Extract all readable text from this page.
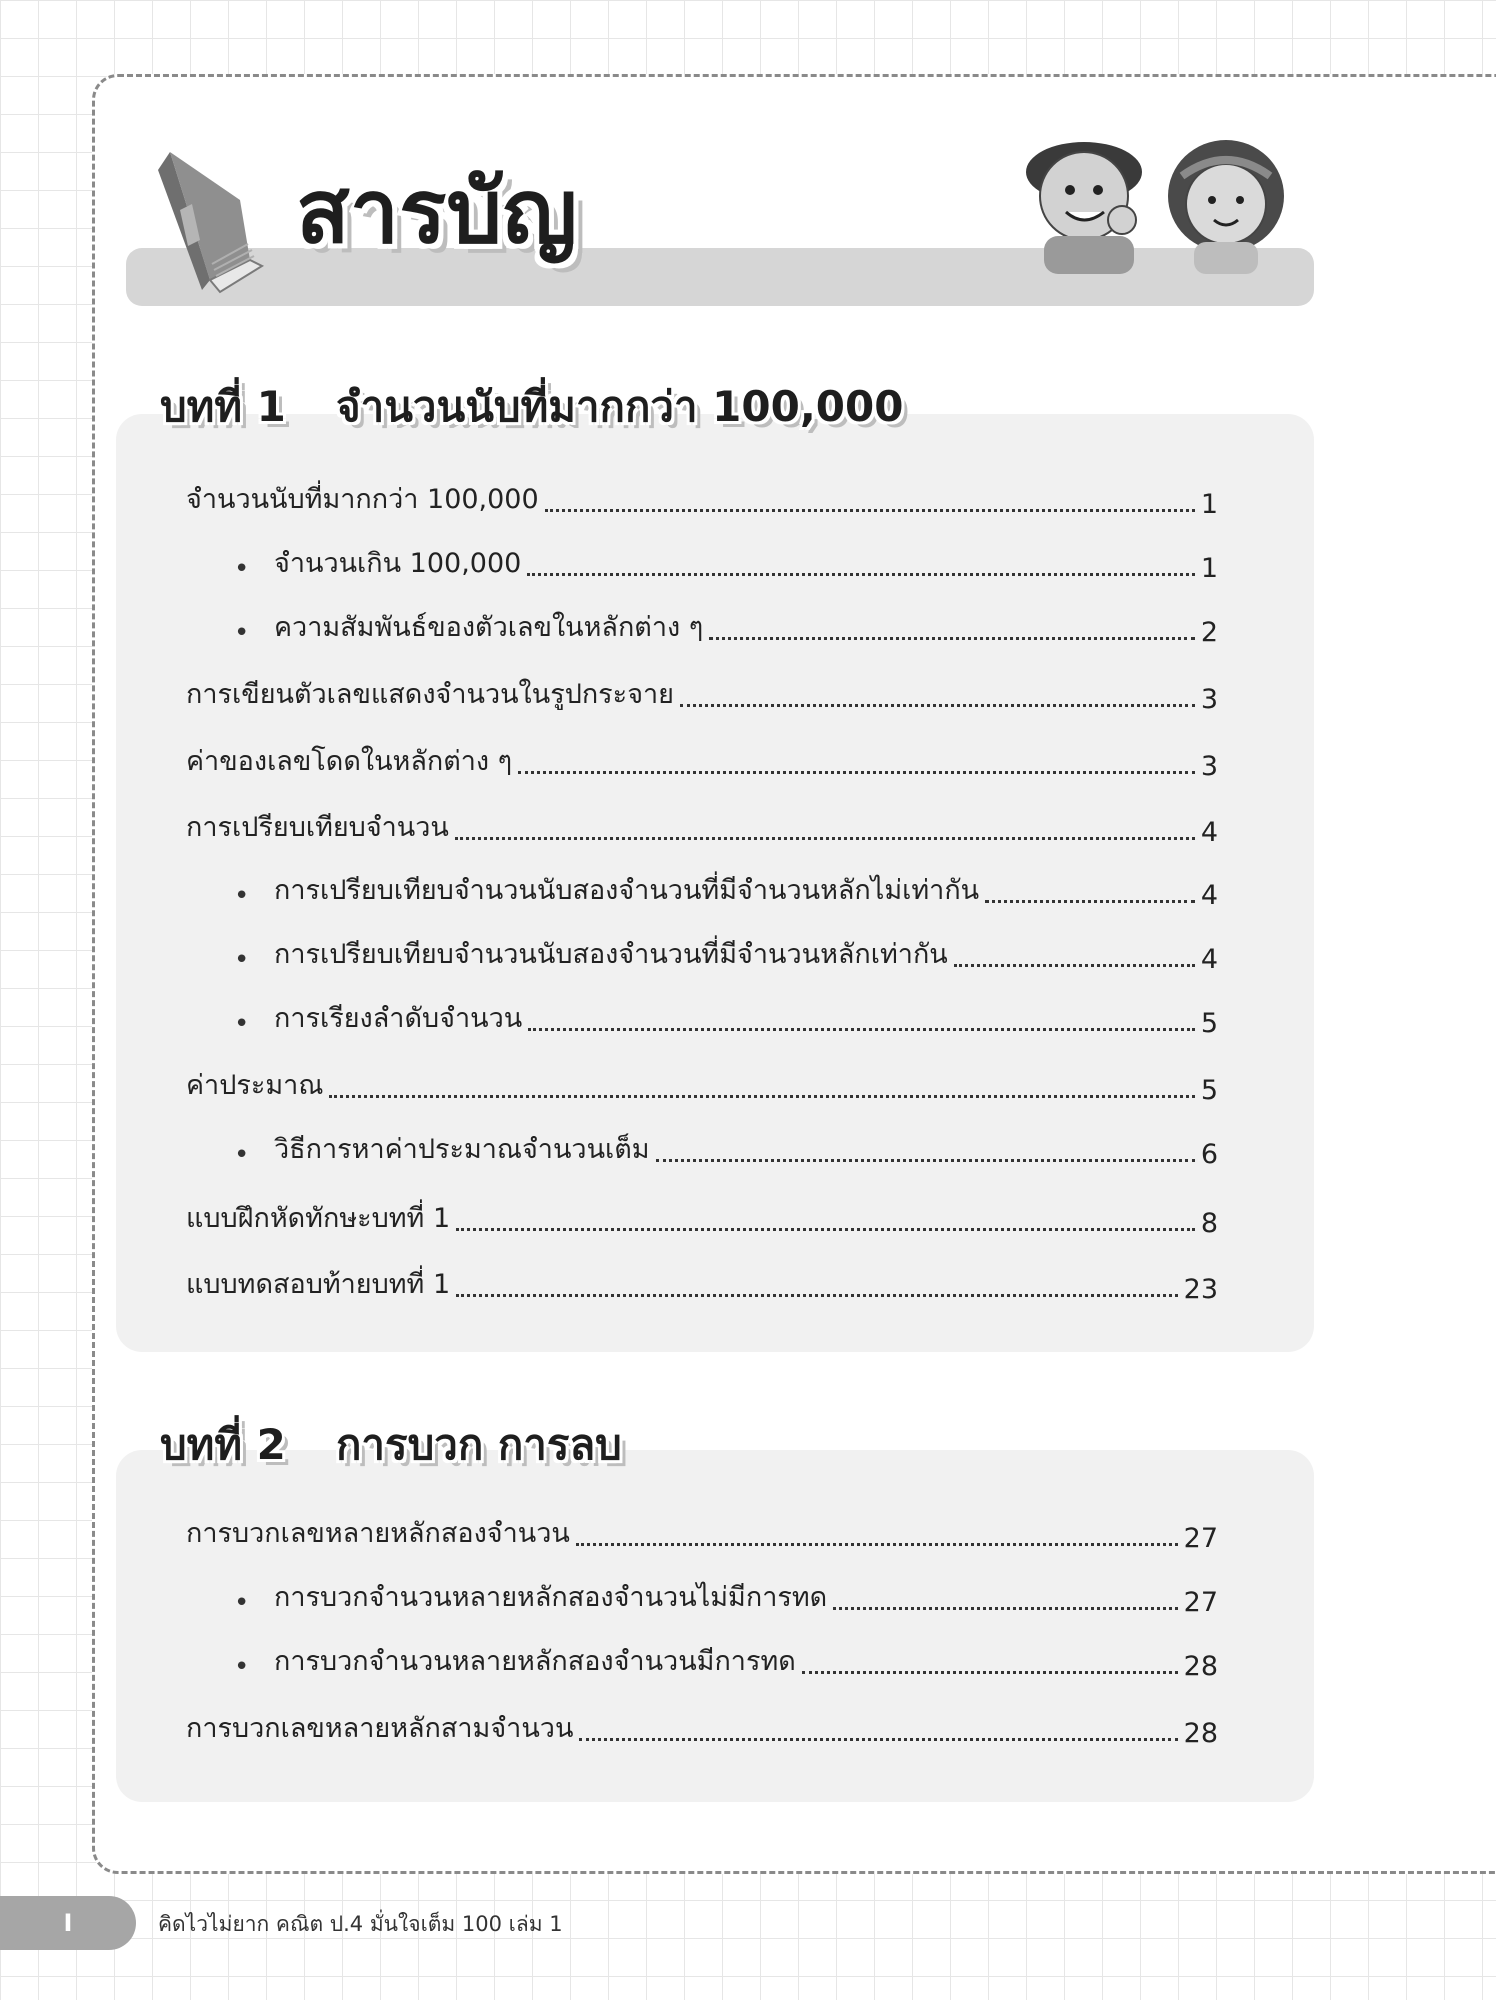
สารบัญ
บทที่ 1 จำนวนนับที่มากกว่า 100,000
จำนวนนับที่มากกว่า 100,000	1
• จำนวนเกิน 100,000	1
• ความสัมพันธ์ของตัวเลขในหลักต่าง ๆ	2
การเขียนตัวเลขแสดงจำนวนในรูปกระจาย	3
ค่าของเลขโดดในหลักต่าง ๆ	3
การเปรียบเทียบจำนวน	4
• การเปรียบเทียบจำนวนนับสองจำนวนที่มีจำนวนหลักไม่เท่ากัน	4
• การเปรียบเทียบจำนวนนับสองจำนวนที่มีจำนวนหลักเท่ากัน	4
• การเรียงลำดับจำนวน	5
ค่าประมาณ	5
• วิธีการหาค่าประมาณจำนวนเต็ม	6
แบบฝึกหัดทักษะบทที่ 1	8
แบบทดสอบท้ายบทที่ 1	23
บทที่ 2 การบวก การลบ
การบวกเลขหลายหลักสองจำนวน	27
• การบวกจำนวนหลายหลักสองจำนวนไม่มีการทด	27
• การบวกจำนวนหลายหลักสองจำนวนมีการทด	28
การบวกเลขหลายหลักสามจำนวน	28
I	คิดไวไม่ยาก คณิต ป.4 มั่นใจเต็ม 100 เล่ม 1
